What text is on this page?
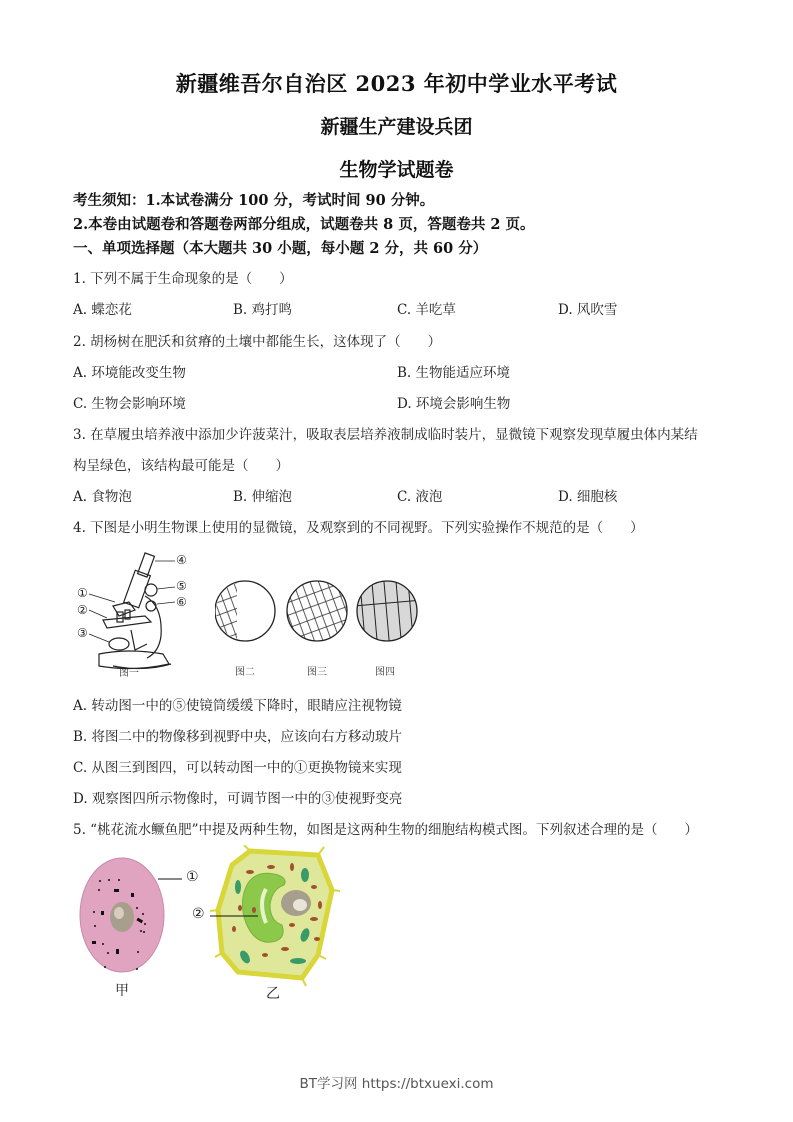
新疆维吾尔自治区 2023 年初中学业水平考试
新疆生产建设兵团
生物学试题卷
考生须知：1.本试卷满分 100 分，考试时间 90 分钟。
2.本卷由试题卷和答题卷两部分组成，试题卷共 8 页，答题卷共 2 页。
一、单项选择题（本大题共 30 小题，每小题 2 分，共 60 分）
1. 下列不属于生命现象的是（　　）
A. 蝶恋花	B. 鸡打鸣	C. 羊吃草	D. 风吹雪
2. 胡杨树在肥沃和贫瘠的土壤中都能生长，这体现了（　　）
A. 环境能改变生物	B. 生物能适应环境
C. 生物会影响环境	D. 环境会影响生物
3. 在草履虫培养液中添加少许菠菜汁，吸取表层培养液制成临时装片，显微镜下观察发现草履虫体内某结
构呈绿色，该结构最可能是（　　）
A. 食物泡	B. 伸缩泡	C. 液泡	D. 细胞核
4. 下图是小明生物课上使用的显微镜，及观察到的不同视野。下列实验操作不规范的是（　　）
①
②
③
④
⑤
⑥
图一	图二	图三	图四
A. 转动图一中的⑤使镜筒缓缓下降时，眼睛应注视物镜
B. 将图二中的物像移到视野中央，应该向右方移动玻片
C. 从图三到图四，可以转动图一中的①更换物镜来实现
D. 观察图四所示物像时，可调节图一中的③使视野变亮
5. “桃花流水鳜鱼肥”中提及两种生物，如图是这两种生物的细胞结构模式图。下列叙述合理的是（　　）
①
②
甲	乙
BT学习网 https://btxuexi.com
